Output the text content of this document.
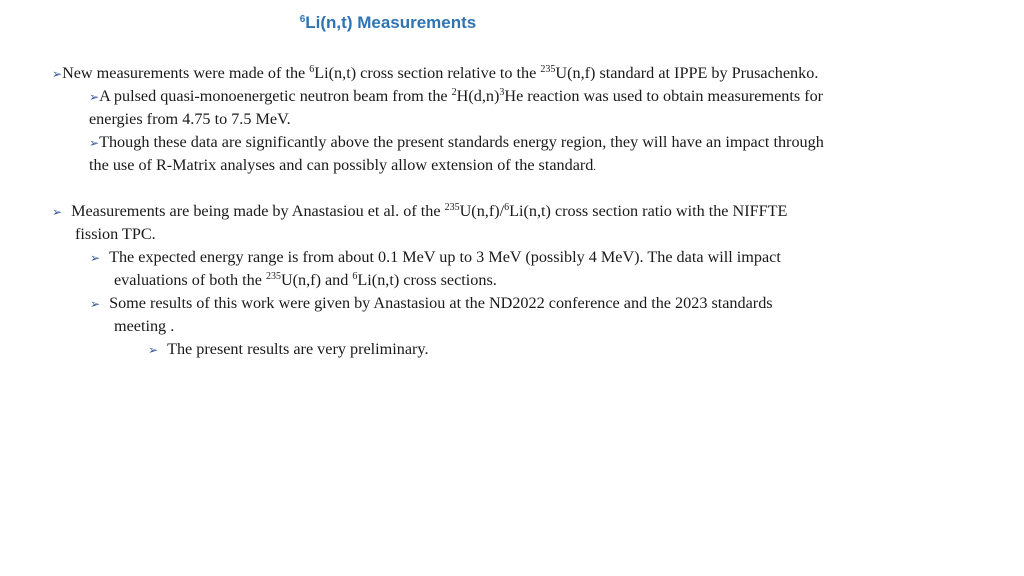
$^6$Li(n,t) Measurements
➢New measurements were made of the $^6$Li(n,t) cross section relative to the $^{235}$U(n,f) standard at IPPE by Prusachenko.
➢A pulsed quasi-monoenergetic neutron beam from the $^2H(d,n)^3He$ reaction was used to obtain measurements for
energies from 4.75 to 7.5 MeV.
➢Though these data are significantly above the present standards energy region, they will have an impact through
the use of R-Matrix analyses and can possibly allow extension of the standard.
➢ Measurements are being made by Anastasiou et al. of the $^{235}$U(n,f)/$^6$Li(n,t) cross section ratio with the NIFFTE
fission TPC.
➢ The expected energy range is from about 0.1 MeV up to 3 MeV (possibly 4 MeV). The data will impact
evaluations of both the $^{235}$U(n,f) and $^6$Li(n,t) cross sections.
➢ Some results of this work were given by Anastasiou at the ND2022 conference and the 2023 standards
meeting .
➢ The present results are very preliminary.
